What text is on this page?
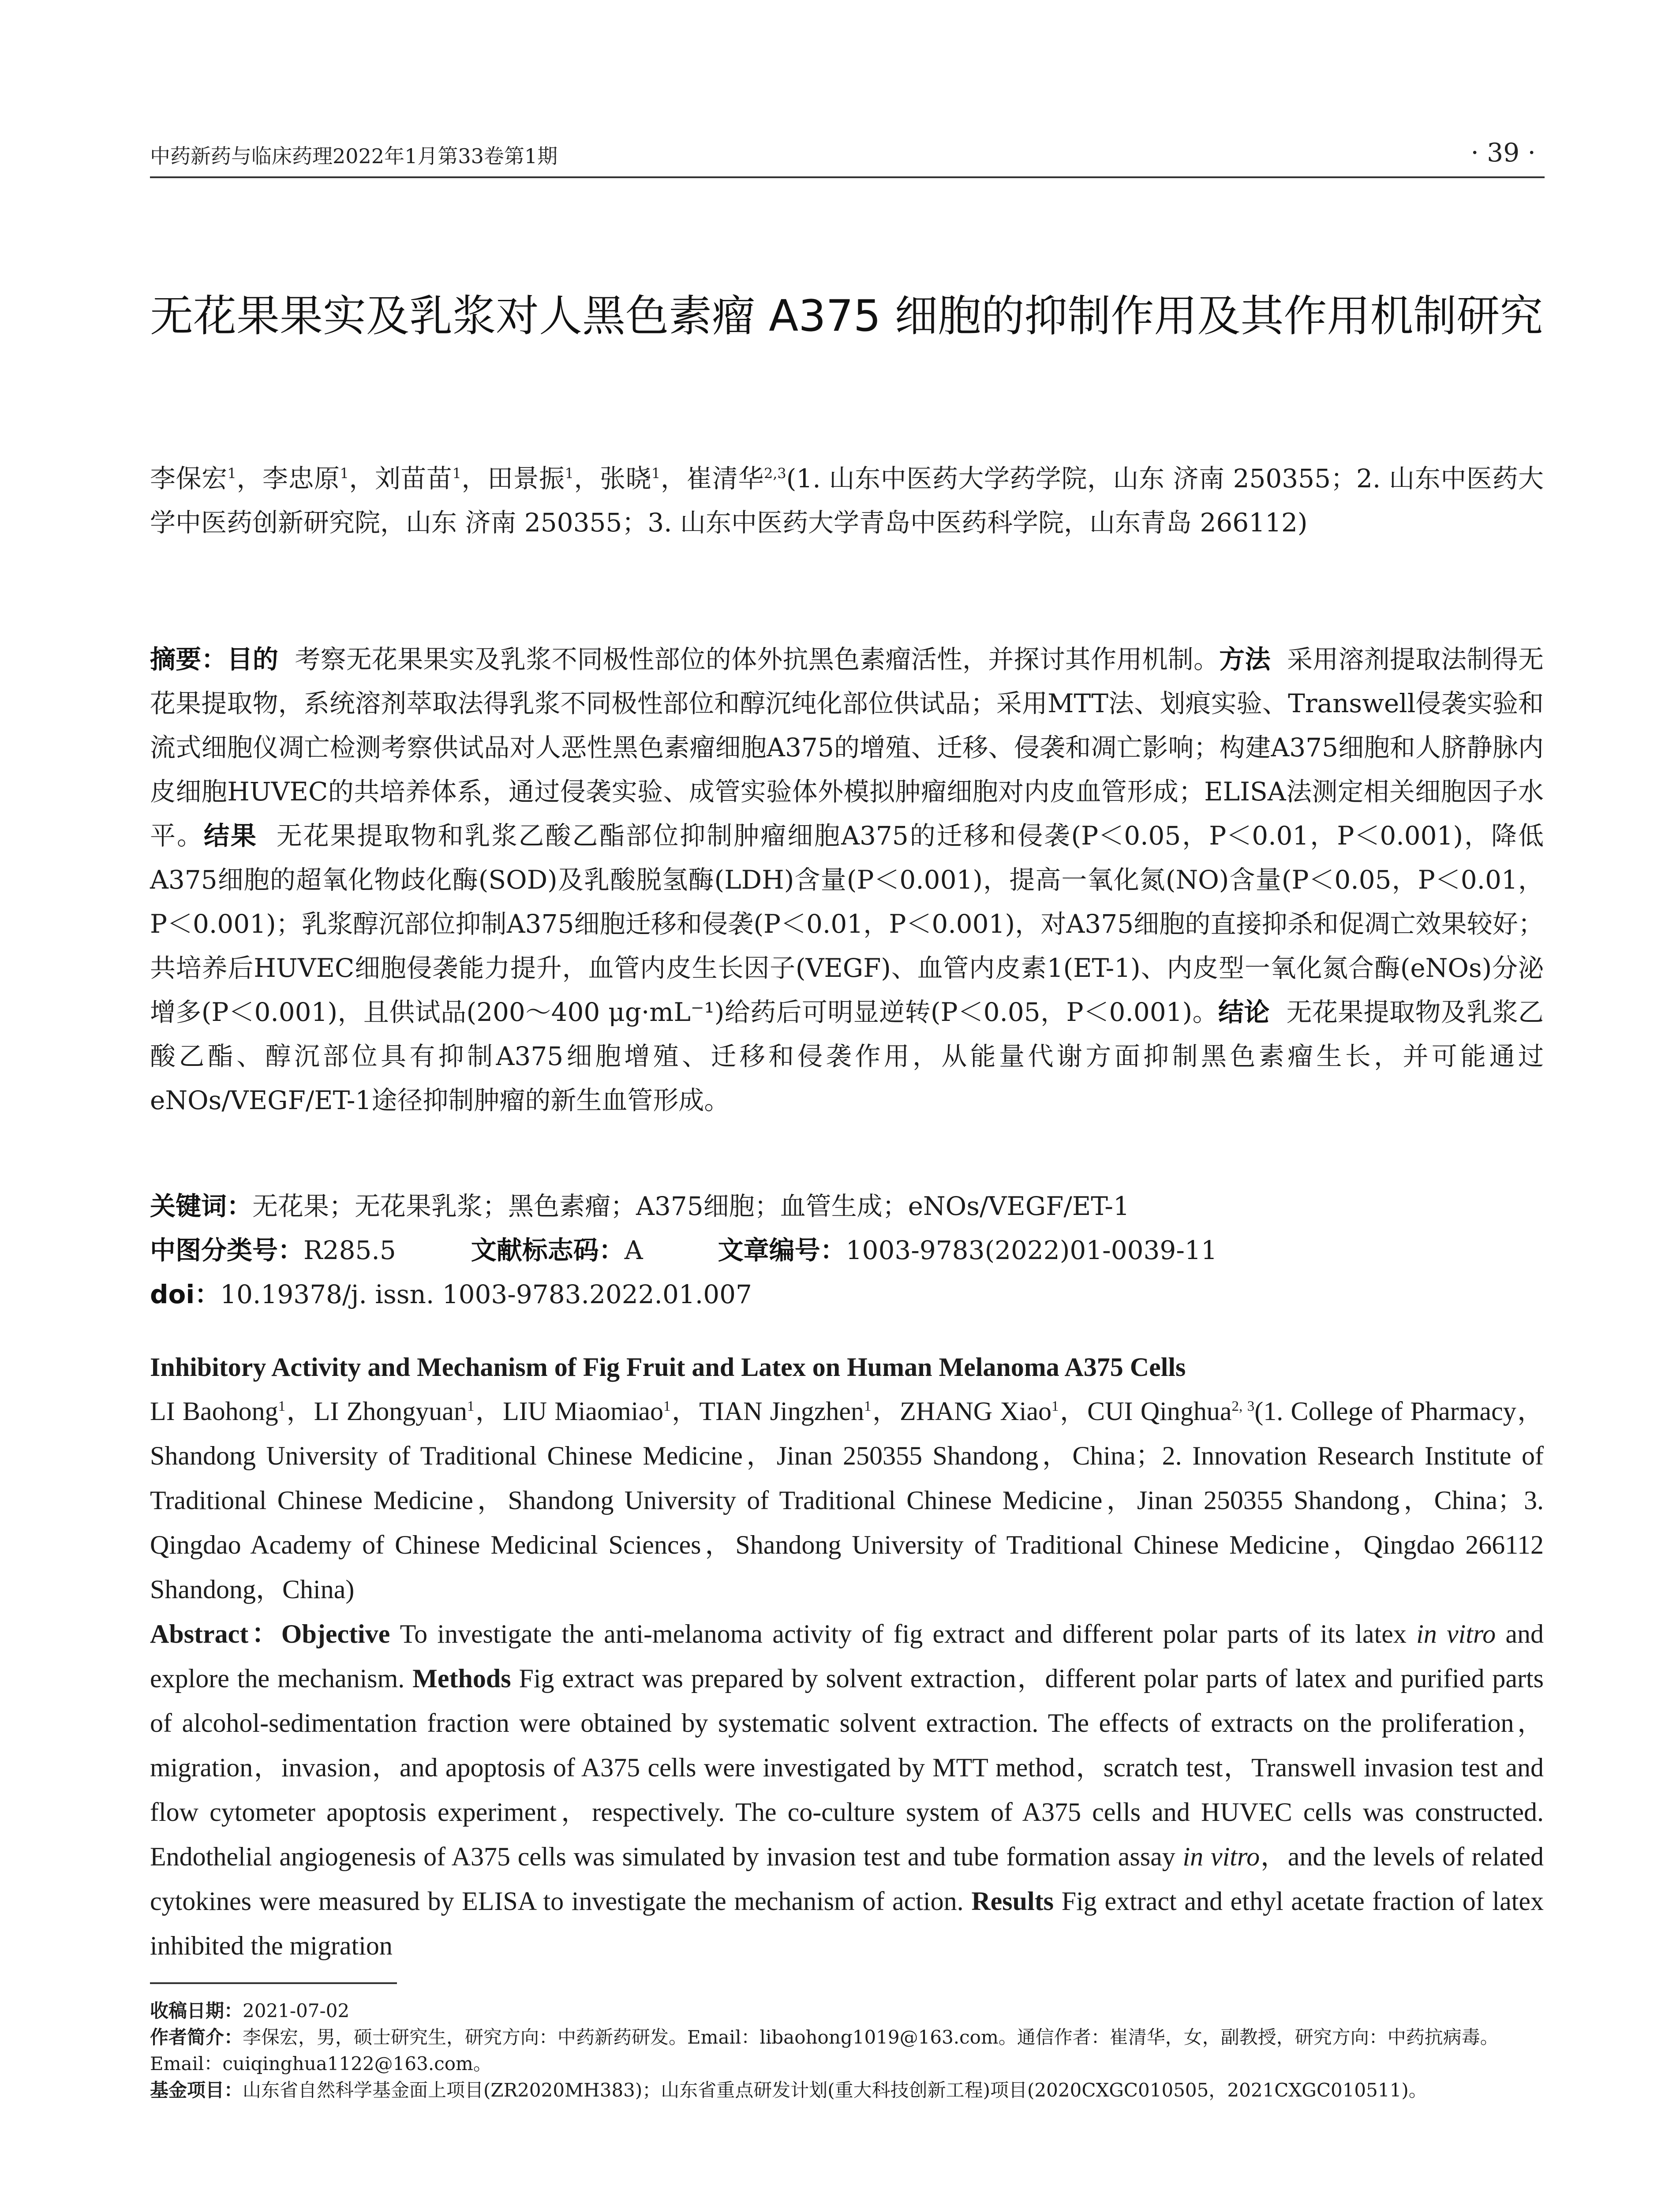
中药新药与临床药理2022年1月第33卷第1期	· 39 ·
无花果果实及乳浆对人黑色素瘤 A375 细胞的抑制作用及其作用机制研究
李保宏$^1$，李忠原$^1$，刘苗苗$^1$，田景振$^1$，张晓$^1$，崔清华$^{2,3}$(1. 山东中医药大学药学院，山东 济南 250355；2. 山东中医药大学中医药创新研究院，山东 济南 250355；3. 山东中医药大学青岛中医药科学院，山东青岛 266112)
摘要：目的 考察无花果果实及乳浆不同极性部位的体外抗黑色素瘤活性，并探讨其作用机制。方法 采用溶剂提取法制得无花果提取物，系统溶剂萃取法得乳浆不同极性部位和醇沉纯化部位供试品；采用MTT法、划痕实验、Transwell侵袭实验和流式细胞仪凋亡检测考察供试品对人恶性黑色素瘤细胞A375的增殖、迁移、侵袭和凋亡影响；构建A375细胞和人脐静脉内皮细胞HUVEC的共培养体系，通过侵袭实验、成管实验体外模拟肿瘤细胞对内皮血管形成；ELISA法测定相关细胞因子水平。结果 无花果提取物和乳浆乙酸乙酯部位抑制肿瘤细胞A375的迁移和侵袭(P＜0.05，P＜0.01，P＜0.001)，降低A375细胞的超氧化物歧化酶(SOD)及乳酸脱氢酶(LDH)含量(P＜0.001)，提高一氧化氮(NO)含量(P＜0.05，P＜0.01，P＜0.001)；乳浆醇沉部位抑制A375细胞迁移和侵袭(P＜0.01，P＜0.001)，对A375细胞的直接抑杀和促凋亡效果较好；共培养后HUVEC细胞侵袭能力提升，血管内皮生长因子(VEGF)、血管内皮素1(ET-1)、内皮型一氧化氮合酶(eNOs)分泌增多(P＜0.001)，且供试品(200～400 μg·mL⁻¹)给药后可明显逆转(P＜0.05，P＜0.001)。结论 无花果提取物及乳浆乙酸乙酯、醇沉部位具有抑制A375细胞增殖、迁移和侵袭作用，从能量代谢方面抑制黑色素瘤生长，并可能通过eNOs/VEGF/ET-1途径抑制肿瘤的新生血管形成。
关键词：无花果；无花果乳浆；黑色素瘤；A375细胞；血管生成；eNOs/VEGF/ET-1
中图分类号：R285.5	文献标志码：A	文章编号：1003-9783(2022)01-0039-11
doi：10.19378/j. issn. 1003-9783.2022.01.007
Inhibitory Activity and Mechanism of Fig Fruit and Latex on Human Melanoma A375 Cells
LI Baohong$^1$，LI Zhongyuan$^1$，LIU Miaomiao$^1$，TIAN Jingzhen$^1$，ZHANG Xiao$^1$，CUI Qinghua$^{2, 3}$(1. College of Pharmacy，Shandong University of Traditional Chinese Medicine，Jinan 250355 Shandong，China；2. Innovation Research Institute of Traditional Chinese Medicine，Shandong University of Traditional Chinese Medicine，Jinan 250355 Shandong，China；3. Qingdao Academy of Chinese Medicinal Sciences，Shandong University of Traditional Chinese Medicine，Qingdao 266112 Shandong，China)
Abstract：Objective To investigate the anti-melanoma activity of fig extract and different polar parts of its latex in vitro and explore the mechanism. Methods Fig extract was prepared by solvent extraction，different polar parts of latex and purified parts of alcohol-sedimentation fraction were obtained by systematic solvent extraction. The effects of extracts on the proliferation，migration，invasion，and apoptosis of A375 cells were investigated by MTT method，scratch test，Transwell invasion test and flow cytometer apoptosis experiment，respectively. The co-culture system of A375 cells and HUVEC cells was constructed. Endothelial angiogenesis of A375 cells was simulated by invasion test and tube formation assay in vitro，and the levels of related cytokines were measured by ELISA to investigate the mechanism of action. Results Fig extract and ethyl acetate fraction of latex inhibited the migration

收稿日期：2021-07-02

作者简介：李保宏，男，硕士研究生，研究方向：中药新药研发。Email：libaohong1019@163.com。通信作者：崔清华，女，副教授，研究方向：中药抗病毒。Email：cuiqinghua1122@163.com。

基金项目：山东省自然科学基金面上项目(ZR2020MH383)；山东省重点研发计划(重大科技创新工程)项目(2020CXGC010505，2021CXGC010511)。
